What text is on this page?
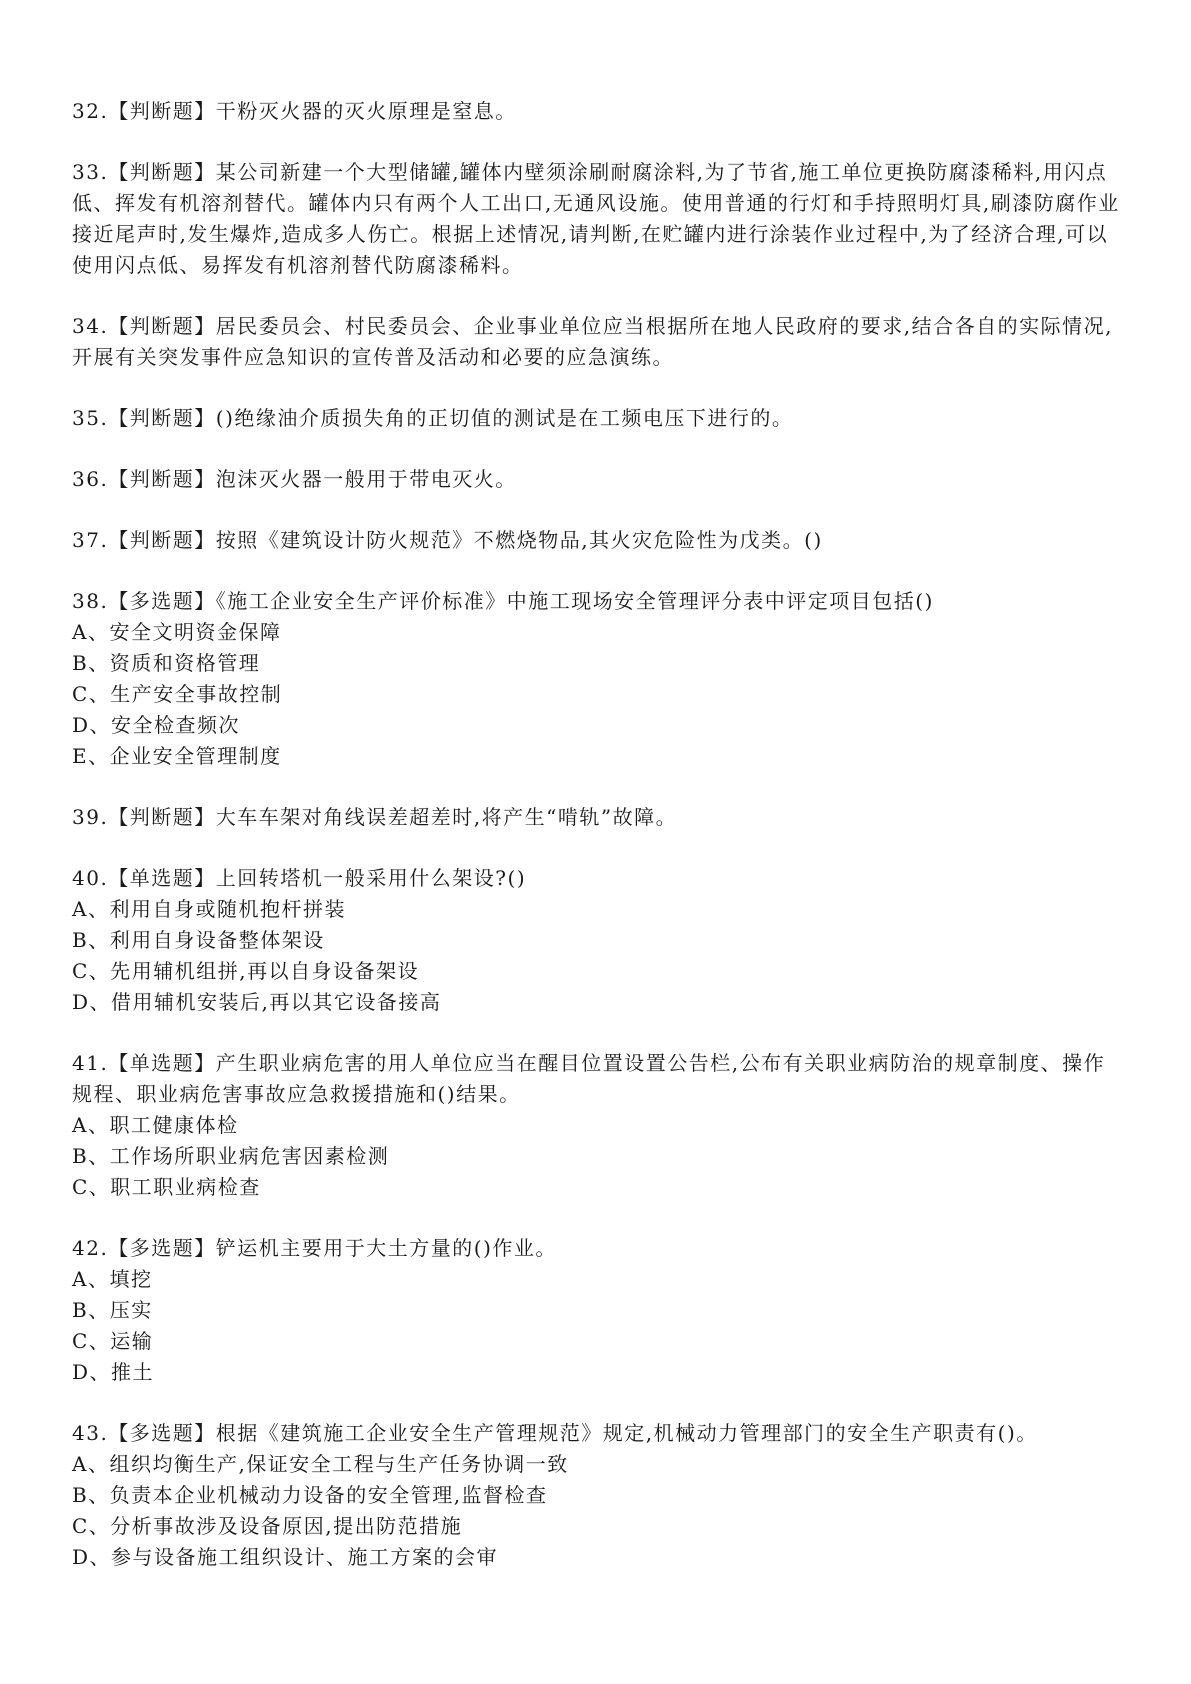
32.【判断题】干粉灭火器的灭火原理是窒息。

33.【判断题】某公司新建一个大型储罐,罐体内壁须涂刷耐腐涂料,为了节省,施工单位更换防腐漆稀料,用闪点低、挥发有机溶剂替代。罐体内只有两个人工出口,无通风设施。使用普通的行灯和手持照明灯具,刷漆防腐作业接近尾声时,发生爆炸,造成多人伤亡。根据上述情况,请判断,在贮罐内进行涂装作业过程中,为了经济合理,可以使用闪点低、易挥发有机溶剂替代防腐漆稀料。

34.【判断题】居民委员会、村民委员会、企业事业单位应当根据所在地人民政府的要求,结合各自的实际情况,开展有关突发事件应急知识的宣传普及活动和必要的应急演练。

35.【判断题】()绝缘油介质损失角的正切值的测试是在工频电压下进行的。

36.【判断题】泡沫灭火器一般用于带电灭火。

37.【判断题】按照《建筑设计防火规范》不燃烧物品,其火灾危险性为戊类。()

38.【多选题】《施工企业安全生产评价标准》中施工现场安全管理评分表中评定项目包括()

A、安全文明资金保障

B、资质和资格管理

C、生产安全事故控制

D、安全检查频次

E、企业安全管理制度

39.【判断题】大车车架对角线误差超差时,将产生“啃轨”故障。

40.【单选题】上回转塔机一般采用什么架设?()

A、利用自身或随机抱杆拼装

B、利用自身设备整体架设

C、先用辅机组拼,再以自身设备架设

D、借用辅机安装后,再以其它设备接高

41.【单选题】产生职业病危害的用人单位应当在醒目位置设置公告栏,公布有关职业病防治的规章制度、操作规程、职业病危害事故应急救援措施和()结果。

A、职工健康体检

B、工作场所职业病危害因素检测

C、职工职业病检查

42.【多选题】铲运机主要用于大土方量的()作业。

A、填挖

B、压实

C、运输

D、推土

43.【多选题】根据《建筑施工企业安全生产管理规范》规定,机械动力管理部门的安全生产职责有()。

A、组织均衡生产,保证安全工程与生产任务协调一致

B、负责本企业机械动力设备的安全管理,监督检查

C、分析事故涉及设备原因,提出防范措施

D、参与设备施工组织设计、施工方案的会审
